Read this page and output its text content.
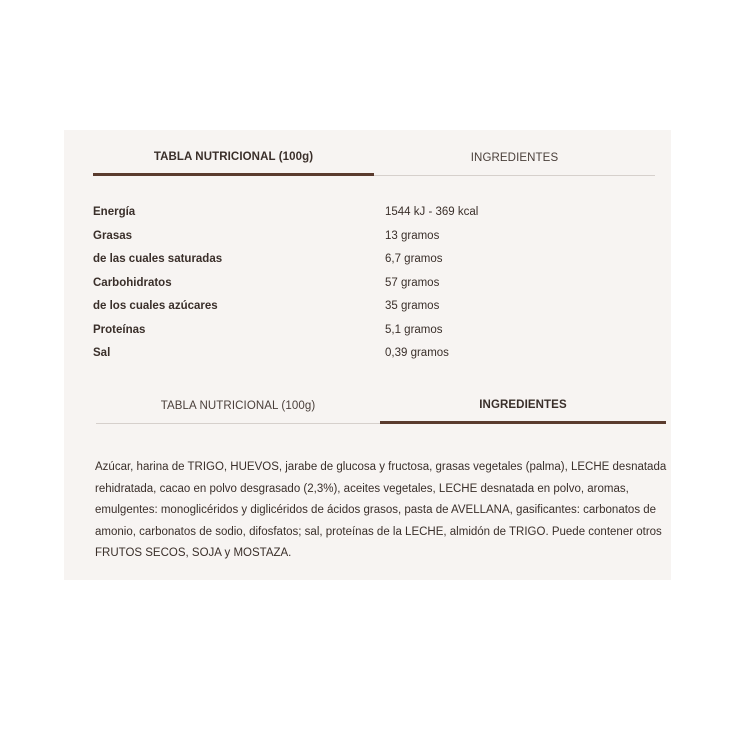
TABLA NUTRICIONAL (100g)	INGREDIENTES
Energía	1544 kJ - 369 kcal
Grasas	13 gramos
de las cuales saturadas	6,7 gramos
Carbohidratos	57 gramos
de los cuales azúcares	35 gramos
Proteínas	5,1 gramos
Sal	0,39 gramos
TABLA NUTRICIONAL (100g)	INGREDIENTES
Azúcar, harina de TRIGO, HUEVOS, jarabe de glucosa y fructosa, grasas vegetales (palma), LECHE desnatada rehidratada, cacao en polvo desgrasado (2,3%), aceites vegetales, LECHE desnatada en polvo, aromas, emulgentes: monoglicéridos y diglicéridos de ácidos grasos, pasta de AVELLANA, gasificantes: carbonatos de amonio, carbonatos de sodio, difosfatos; sal, proteínas de la LECHE, almidón de TRIGO. Puede contener otros FRUTOS SECOS, SOJA y MOSTAZA.
